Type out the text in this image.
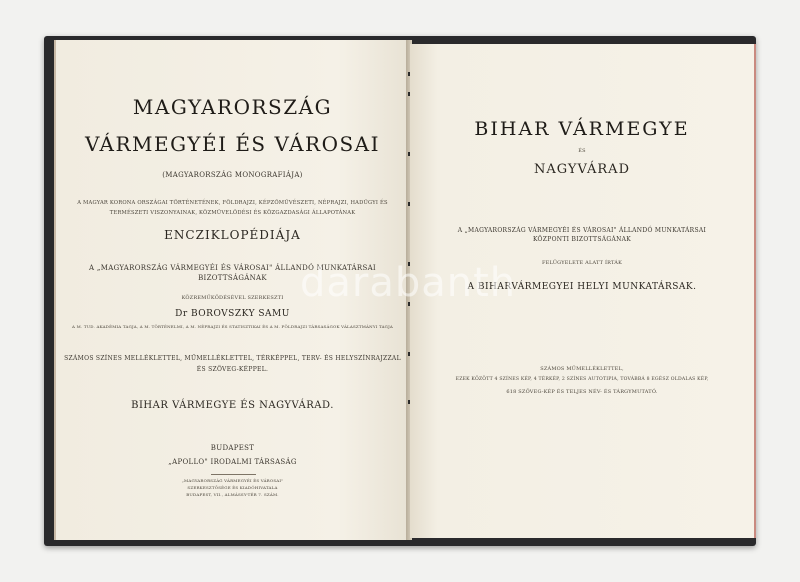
MAGYARORSZÁG
VÁRMEGYÉI ÉS VÁROSAI
(MAGYARORSZÁG MONOGRAFIÁJA)
A MAGYAR KORONA ORSZÁGAI TÖRTÉNETÉNEK, FÖLDRAJZI, KÉPZŐMŰVÉSZETI, NÉPRAJZI, HADÜGYI ÉS
TERMÉSZETI VISZONYAINAK, KÖZMŰVELŐDÉSI ÉS KÖZGAZDASÁGI ÁLLAPOTÁNAK
ENCZIKLOPÉDIÁJA
A „MAGYARORSZÁG VÁRMEGYÉI ÉS VÁROSAI" ÁLLANDÓ MUNKATÁRSAI
BIZOTTSÁGÁNAK
KÖZREMŰKÖDÉSÉVEL SZERKESZTI
Dr BOROVSZKY SAMU
A M. TUD. AKADÉMIA TAGJA, A M. TÖRTÉNELMI, A M. NÉPRAJZI ÉS STATISZTIKAI ÉS A M. FÖLDRAJZI TÁRSASÁGOK VÁLASZTMÁNYI TAGJA
SZÁMOS SZÍNES MELLÉKLETTEL, MŰMELLÉKLETTEL, TÉRKÉPPEL, TERV- ÉS HELYSZÍNRAJZZAL
ÉS SZÖVEG-KÉPPEL.
BIHAR VÁRMEGYE ÉS NAGYVÁRAD.
BUDAPEST
„APOLLO" IRODALMI TÁRSASÁG
„MAGYARORSZÁG VÁRMEGYÉI ÉS VÁROSAI"
SZERKESZTŐSÉGE ÉS KIADÓHIVATALA
BUDAPEST, VII., ALMÁSSY-TÉR 7. SZÁM.
BIHAR VÁRMEGYE
ÉS
NAGYVÁRAD
A „MAGYARORSZÁG VÁRMEGYÉI ÉS VÁROSAI" ÁLLANDÓ MUNKATÁRSAI
KÖZPONTI BIZOTTSÁGÁNAK
FELÜGYELETE ALATT ÍRTÁK
A BIHARVÁRMEGYEI HELYI MUNKATÁRSAK.
SZÁMOS MŰMELLÉKLETTEL,
EZEK KÖZÖTT 4 SZÍNES KÉP, 4 TÉRKÉP, 2 SZÍNES AUTOTIPIA, TOVÁBBÁ 8 EGÉSZ OLDALAS KÉP,
618 SZÖVEG-KÉP ÉS TELJES NÉV- ÉS TÁRGYMUTATÓ.
darabanth
